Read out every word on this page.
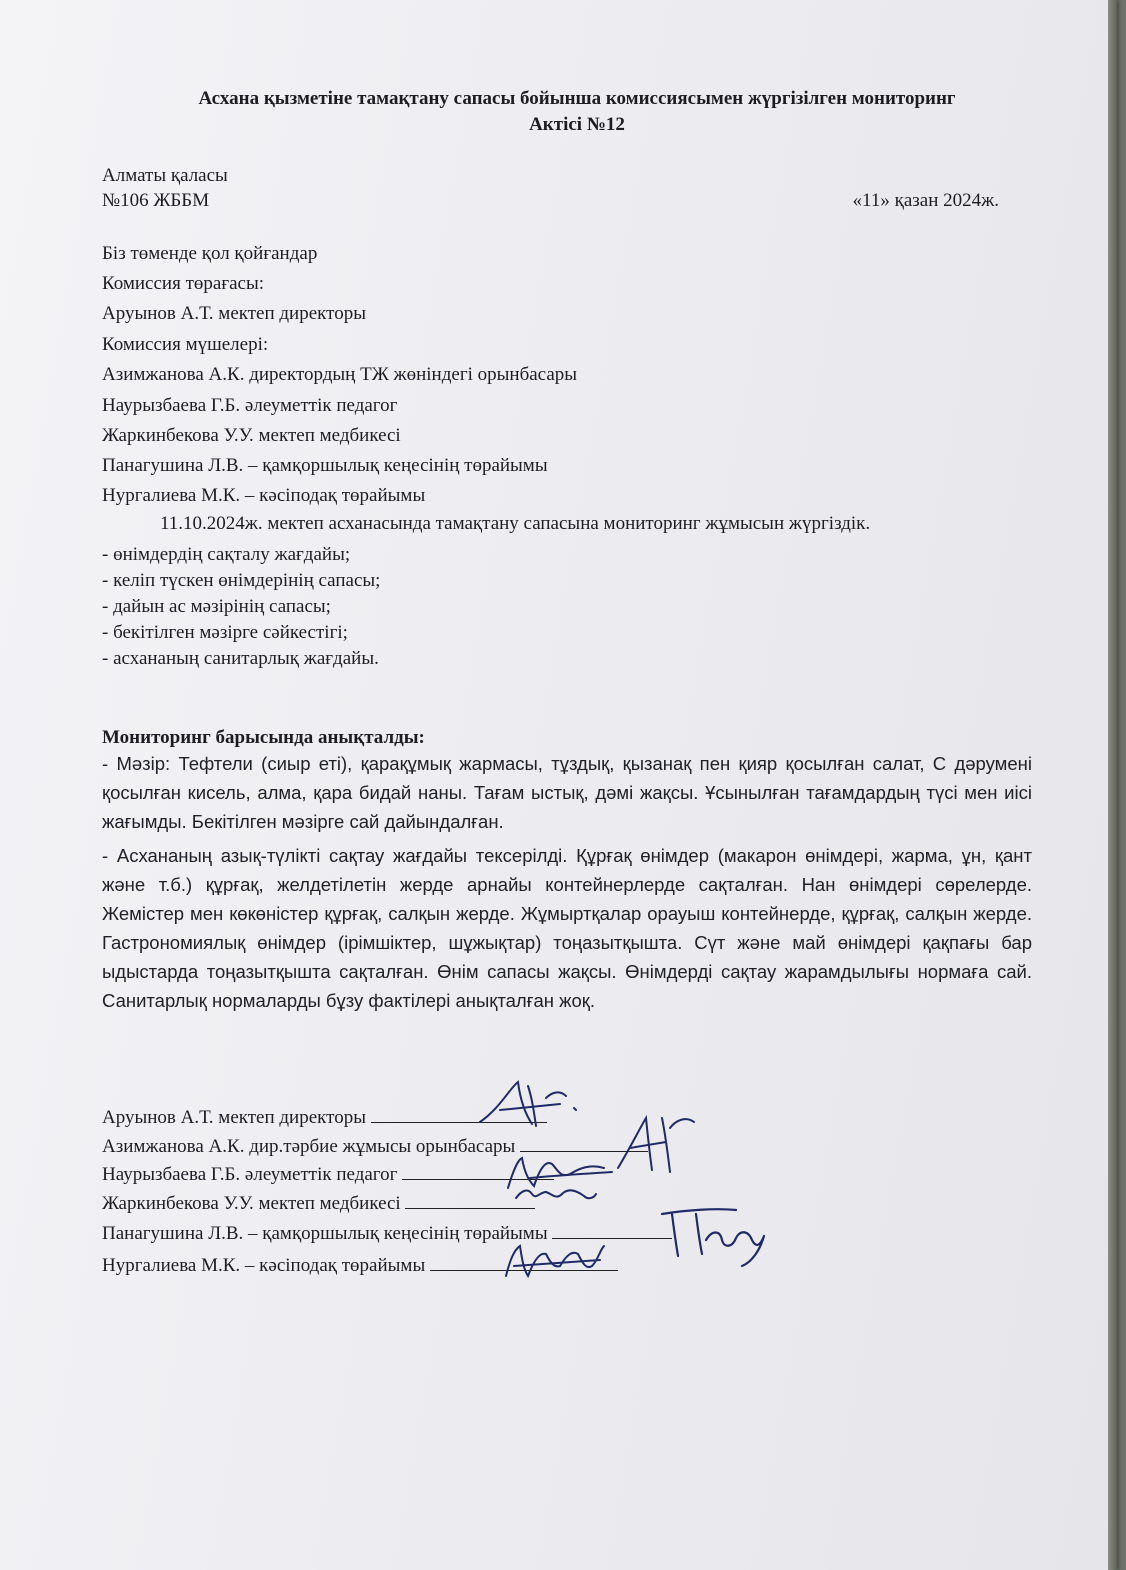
Асхана қызметіне тамақтану сапасы бойынша комиссиясымен жүргізілген мониторинг
Актісі №12
Алматы қаласы
№106 ЖББМ	«11» қазан 2024ж.
Біз төменде қол қойғандар
Комиссия төрағасы:
Аруынов А.Т. мектеп директоры
Комиссия мүшелері:
Азимжанова А.К. директордың ТЖ жөніндегі орынбасары
Наурызбаева Г.Б. әлеуметтік педагог
Жаркинбекова У.У. мектеп медбикесі
Панагушина Л.В. – қамқоршылық кеңесінің төрайымы
Нургалиева М.К. – кәсіподақ төрайымы
11.10.2024ж. мектеп асханасында тамақтану сапасына мониторинг жұмысын жүргіздік.
- өнімдердің сақталу жағдайы;
- келіп түскен өнімдерінің сапасы;
- дайын ас мәзірінің сапасы;
- бекітілген мәзірге сәйкестігі;
- асхананың санитарлық жағдайы.
Мониторинг барысында анықталды:
- Мәзір: Тефтели (сиыр еті), қарақұмық жармасы, тұздық, қызанақ пен қияр қосылған салат, С дәрумені қосылған кисель, алма, қара бидай наны. Тағам ыстық, дәмі жақсы. Ұсынылған тағамдардың түсі мен иісі жағымды. Бекітілген мәзірге сай дайындалған.
- Асхананың азық-түлікті сақтау жағдайы тексерілді. Құрғақ өнімдер (макарон өнімдері, жарма, ұн, қант және т.б.) құрғақ, желдетілетін жерде арнайы контейнерлерде сақталған. Нан өнімдері сөрелерде. Жемістер мен көкөністер құрғақ, салқын жерде. Жұмыртқалар орауыш контейнерде, құрғақ, салқын жерде. Гастрономиялық өнімдер (ірімшіктер, шұжықтар) тоңазытқышта. Сүт және май өнімдері қақпағы бар ыдыстарда тоңазытқышта сақталған. Өнім сапасы жақсы. Өнімдерді сақтау жарамдылығы нормаға сай. Санитарлық нормаларды бұзу фактілері анықталған жоқ.
Аруынов А.Т. мектеп директоры
Азимжанова А.К. дир.тәрбие жұмысы орынбасары
Наурызбаева Г.Б. әлеуметтік педагог
Жаркинбекова У.У. мектеп медбикесі
Панагушина Л.В. – қамқоршылық кеңесінің төрайымы
Нургалиева М.К. – кәсіподақ төрайымы
